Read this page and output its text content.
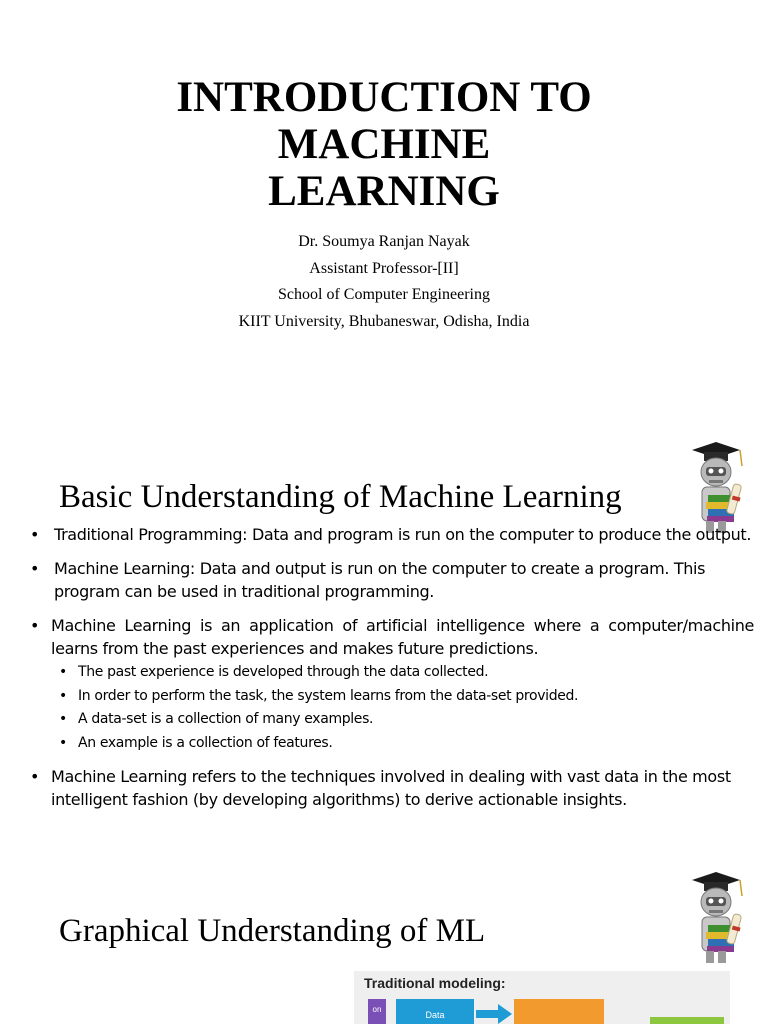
INTRODUCTION TO
MACHINE
LEARNING
Dr. Soumya Ranjan Nayak
Assistant Professor-[II]
School of Computer Engineering
KIIT University, Bhubaneswar, Odisha, India
Basic Understanding of Machine Learning
• Traditional Programming: Data and program is run on the computer to produce the output.
• Machine Learning: Data and output is run on the computer to create a program. This program can be used in traditional programming.
• Machine Learning is an application of artificial intelligence where a computer/machine learns from the past experiences and makes future predictions.
• The past experience is developed through the data collected.
• In order to perform the task, the system learns from the data-set provided.
• A data-set is a collection of many examples.
• An example is a collection of features.
• Machine Learning refers to the techniques involved in dealing with vast data in the most intelligent fashion (by developing algorithms) to derive actionable insights.
Graphical Understanding of ML
Traditional modeling:
on
Data
